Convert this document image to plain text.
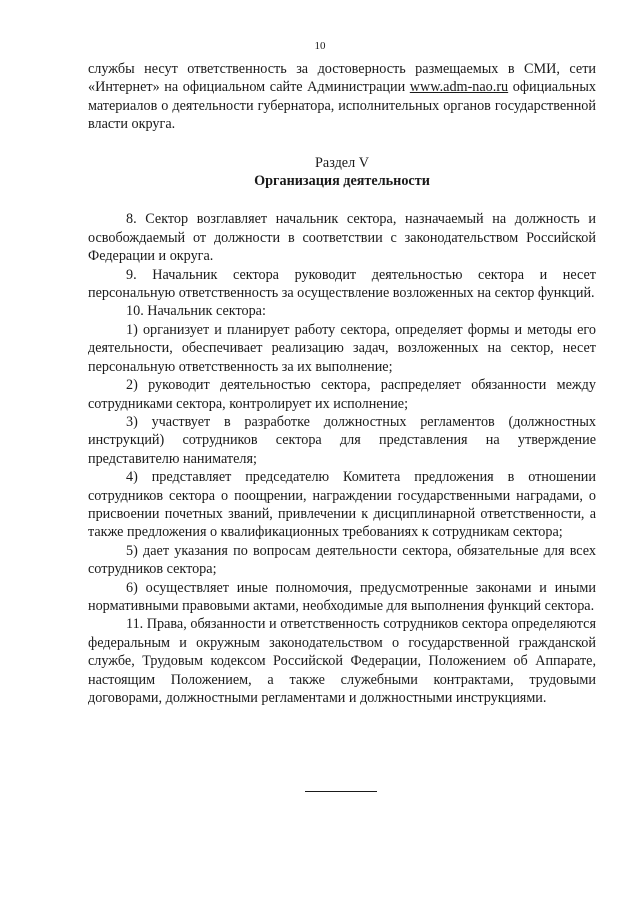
10

службы несут ответственность за достоверность размещаемых в СМИ, сети «Интернет» на официальном сайте Администрации www.adm-nao.ru официальных материалов о деятельности губернатора, исполнительных органов государственной власти округа.

Раздел V

Организация деятельности

8. Сектор возглавляет начальник сектора, назначаемый на должность и освобождаемый от должности в соответствии с законодательством Российской Федерации и округа.

9. Начальник сектора руководит деятельностью сектора и несет персональную ответственность за осуществление возложенных на сектор функций.

10. Начальник сектора:

1) организует и планирует работу сектора, определяет формы и методы его деятельности, обеспечивает реализацию задач, возложенных на сектор, несет персональную ответственность за их выполнение;

2) руководит деятельностью сектора, распределяет обязанности между сотрудниками сектора, контролирует их исполнение;

3) участвует в разработке должностных регламентов (должностных инструкций) сотрудников сектора для представления на утверждение представителю нанимателя;

4) представляет председателю Комитета предложения в отношении сотрудников сектора о поощрении, награждении государственными наградами, о присвоении почетных званий, привлечении к дисциплинарной ответственности, а также предложения о квалификационных требованиях к сотрудникам сектора;

5) дает указания по вопросам деятельности сектора, обязательные для всех сотрудников сектора;

6) осуществляет иные полномочия, предусмотренные законами и иными нормативными правовыми актами, необходимые для выполнения функций сектора.

11. Права, обязанности и ответственность сотрудников сектора определяются федеральным и окружным законодательством о государственной гражданской службе, Трудовым кодексом Российской Федерации, Положением об Аппарате, настоящим Положением, а также служебными контрактами, трудовыми договорами, должностными регламентами и должностными инструкциями.
